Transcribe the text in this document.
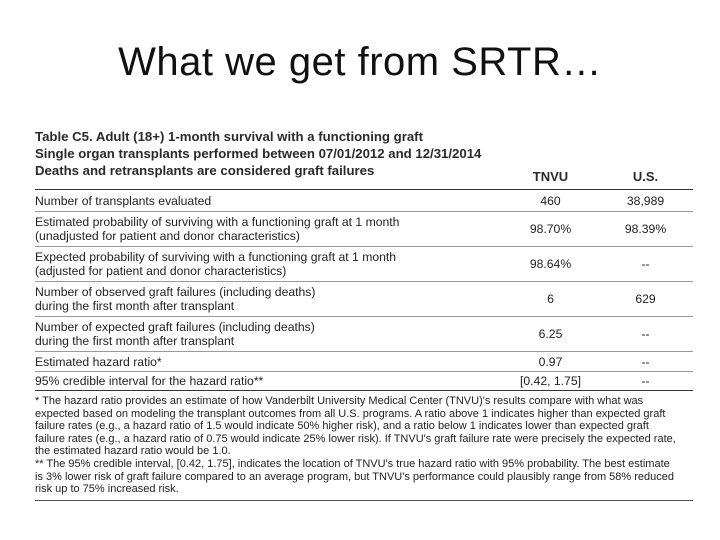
What we get from SRTR…
Table C5. Adult (18+) 1-month survival with a functioning graft
Single organ transplants performed between 07/01/2012 and 12/31/2014
Deaths and retransplants are considered graft failures	TNVU	U.S.
Number of transplants evaluated	460	38,989
Estimated probability of surviving with a functioning graft at 1 month
(unadjusted for patient and donor characteristics)	98.70%	98.39%
Expected probability of surviving with a functioning graft at 1 month
(adjusted for patient and donor characteristics)	98.64%	--
Number of observed graft failures (including deaths)
during the first month after transplant	6	629
Number of expected graft failures (including deaths)
during the first month after transplant	6.25	--
Estimated hazard ratio*	0.97	--
95% credible interval for the hazard ratio**	[0.42, 1.75]	--

* The hazard ratio provides an estimate of how Vanderbilt University Medical Center (TNVU)'s results compare with what was expected based on modeling the transplant outcomes from all U.S. programs. A ratio above 1 indicates higher than expected graft failure rates (e.g., a hazard ratio of 1.5 would indicate 50% higher risk), and a ratio below 1 indicates lower than expected graft failure rates (e.g., a hazard ratio of 0.75 would indicate 25% lower risk). If TNVU's graft failure rate were precisely the expected rate, the estimated hazard ratio would be 1.0.

** The 95% credible interval, [0.42, 1.75], indicates the location of TNVU's true hazard ratio with 95% probability. The best estimate is 3% lower risk of graft failure compared to an average program, but TNVU's performance could plausibly range from 58% reduced risk up to 75% increased risk.
